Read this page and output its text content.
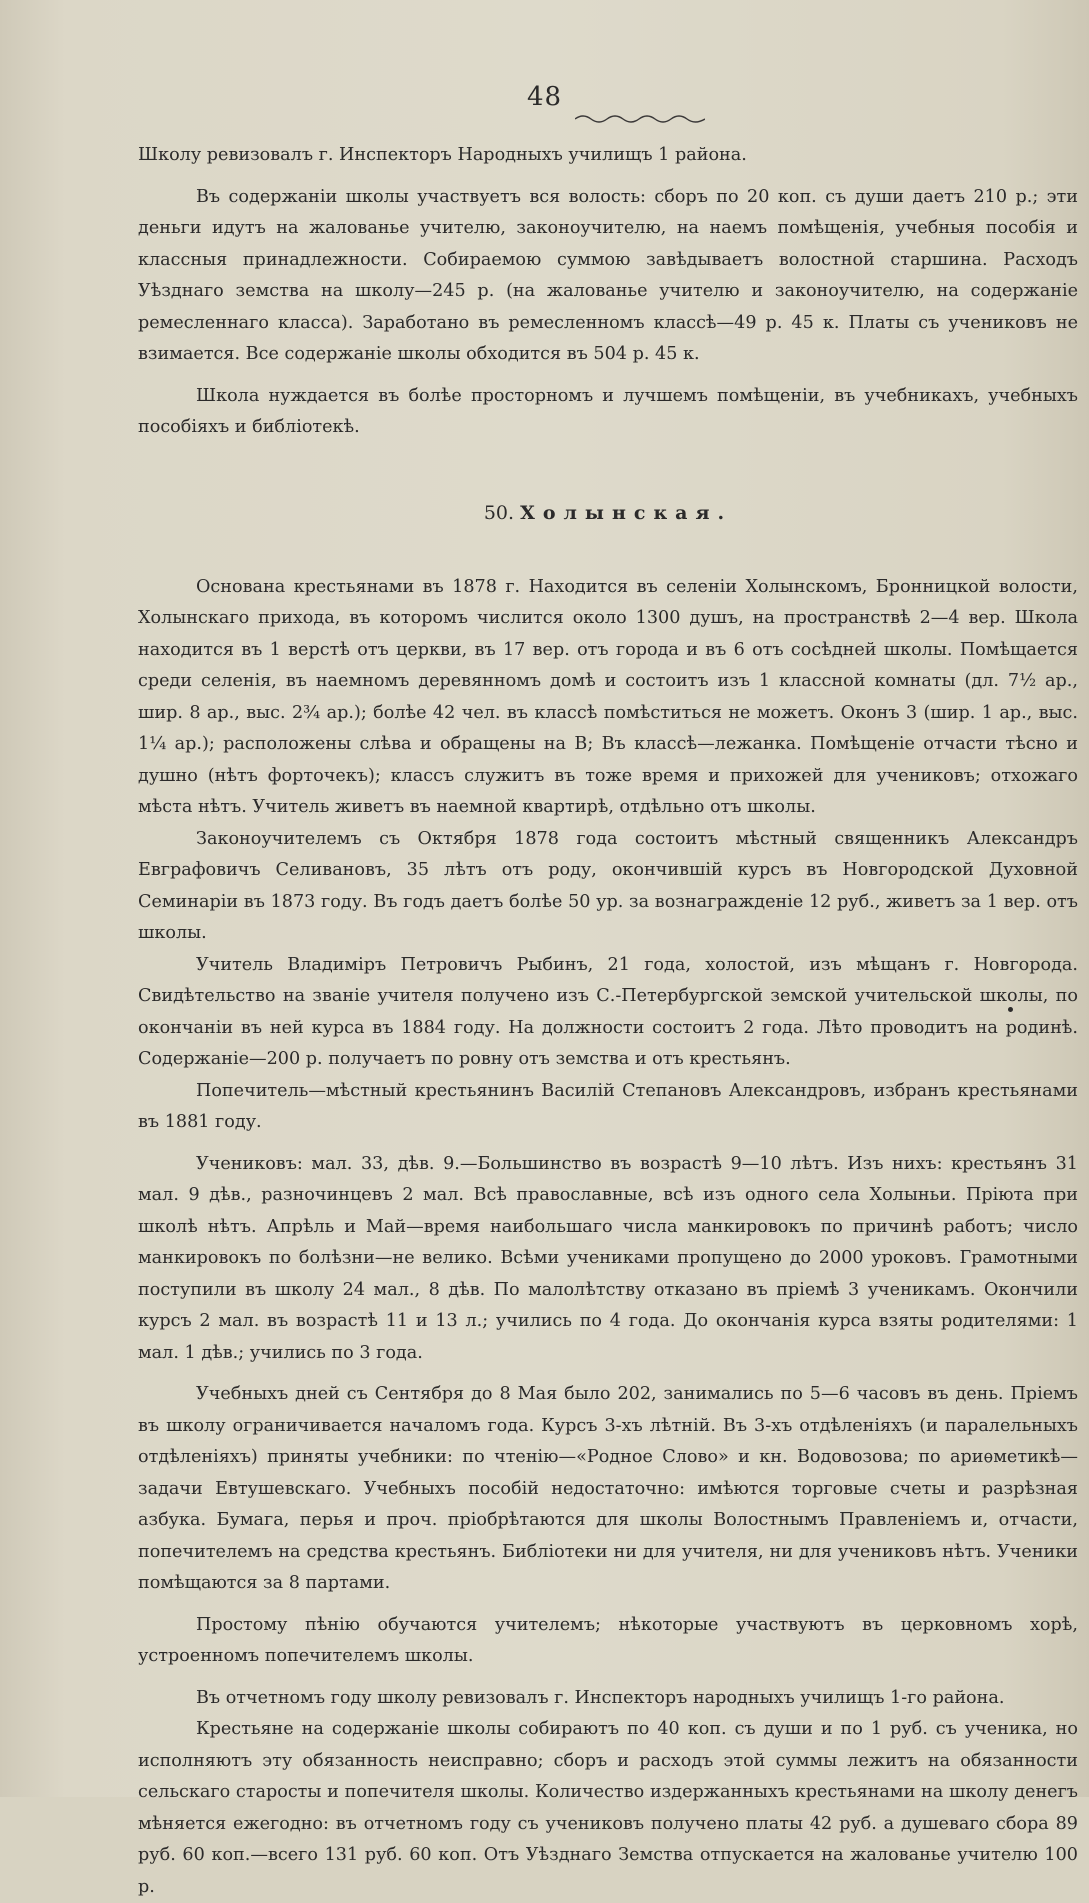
48

Школу ревизовалъ г. Инспекторъ Народныхъ училищъ 1 района.

Въ содержанiи школы участвуетъ вся волость: сборъ по 20 коп. съ души даетъ 210 р.; эти деньги идутъ на жалованье учителю, законоучителю, на наемъ помѣщенія, учебныя пособія и классныя принадлежности. Собираемою суммою завѣдываетъ волостной старшина. Расходъ Уѣзднаго земства на школу—245 р. (на жалованье учителю и законоучителю, на содержаніе ремесленнаго класса). Заработано въ ремесленномъ классѣ—49 р. 45 к. Платы съ учениковъ не взимается. Все содержаніе школы обходится въ 504 р. 45 к.

Школа нуждается въ болѣе просторномъ и лучшемъ помѣщенiи, въ учебникахъ, учебныхъ пособіяхъ и библіотекѣ.

50. Холынская.

Основана крестьянами въ 1878 г. Находится въ селеніи Холынскомъ, Бронницкой волости, Холынскаго прихода, въ которомъ числится около 1300 душъ, на пространствѣ 2—4 вер. Школа находится въ 1 верстѣ отъ церкви, въ 17 вер. отъ города и въ 6 отъ сосѣдней школы. Помѣщается среди селенія, въ наемномъ деревянномъ домѣ и состоитъ изъ 1 классной комнаты (дл. 7½ ар., шир. 8 ар., выс. 2¾ ар.); болѣе 42 чел. въ классѣ помѣститься не можетъ. Оконъ 3 (шир. 1 ар., выс. 1¼ ар.); расположены слѣва и обращены на В; Въ классѣ—лежанка. Помѣщеніе отчасти тѣсно и душно (нѣтъ форточекъ); классъ служитъ въ тоже время и прихожей для учениковъ; отхожаго мѣста нѣтъ. Учитель живетъ въ наемной квартирѣ, отдѣльно отъ школы.

Законоучителемъ съ Октября 1878 года состоитъ мѣстный священникъ Александръ Евграфовичъ Селивановъ, 35 лѣтъ отъ роду, окончившій курсъ въ Новгородской Духовной Семинаріи въ 1873 году. Въ годъ даетъ болѣе 50 ур. за вознагражденіе 12 руб., живетъ за 1 вер. отъ школы.

Учитель Владиміръ Петровичъ Рыбинъ, 21 года, холостой, изъ мѣщанъ г. Новгорода. Свидѣтельство на званіе учителя получено изъ С.-Петербургской земской учительской школы, по окончаніи въ ней курса въ 1884 году. На должности состоитъ 2 года. Лѣто проводитъ на родинѣ. Содержаніе—200 р. получаетъ по ровну отъ земства и отъ крестьянъ.

Попечитель—мѣстный крестьянинъ Василій Степановъ Александровъ, избранъ крестьянами въ 1881 году.

Учениковъ: мал. 33, дѣв. 9.—Большинство въ возрастѣ 9—10 лѣтъ. Изъ нихъ: крестьянъ 31 мал. 9 дѣв., разночинцевъ 2 мал. Всѣ православные, всѣ изъ одного села Холыньи. Пріюта при школѣ нѣтъ. Апрѣль и Май—время наибольшаго числа манкировокъ по причинѣ работъ; число манкировокъ по болѣзни—не велико. Всѣми учениками пропущено до 2000 уроковъ. Грамотными поступили въ школу 24 мал., 8 дѣв. По малолѣтству отказано въ пріемѣ 3 ученикамъ. Окончили курсъ 2 мал. въ возрастѣ 11 и 13 л.; учились по 4 года. До окончанія курса взяты родителями: 1 мал. 1 дѣв.; учились по 3 года.

Учебныхъ дней съ Сентября до 8 Мая было 202, занимались по 5—6 часовъ въ день. Пріемъ въ школу ограничивается началомъ года. Курсъ 3-хъ лѣтній. Въ 3-хъ отдѣленіяхъ (и паралельныхъ отдѣленіяхъ) приняты учебники: по чтенію—«Родное Слово» и кн. Водовозова; по ариѳметикѣ—задачи Евтушевскаго. Учебныхъ пособій недостаточно: имѣются торговые счеты и разрѣзная азбука. Бумага, перья и проч. пріобрѣтаются для школы Волостнымъ Правленіемъ и, отчасти, попечителемъ на средства крестьянъ. Библіотеки ни для учителя, ни для учениковъ нѣтъ. Ученики помѣщаются за 8 партами.

Простому пѣнію обучаются учителемъ; нѣкоторые участвуютъ въ церковномъ хорѣ, устроенномъ попечителемъ школы.

Въ отчетномъ году школу ревизовалъ г. Инспекторъ народныхъ училищъ 1-го района.

Крестьяне на содержаніе школы собираютъ по 40 коп. съ души и по 1 руб. съ ученика, но исполняютъ эту обязанность неисправно; сборъ и расходъ этой суммы лежитъ на обязанности сельскаго старосты и попечителя школы. Количество издержанныхъ крестьянами на школу денегъ мѣняется ежегодно: въ отчетномъ году съ учениковъ получено платы 42 руб. а душеваго сбора 89 руб. 60 коп.—всего 131 руб. 60 коп. Отъ Уѣзднаго Земства отпускается на жалованье учителю 100 р.
